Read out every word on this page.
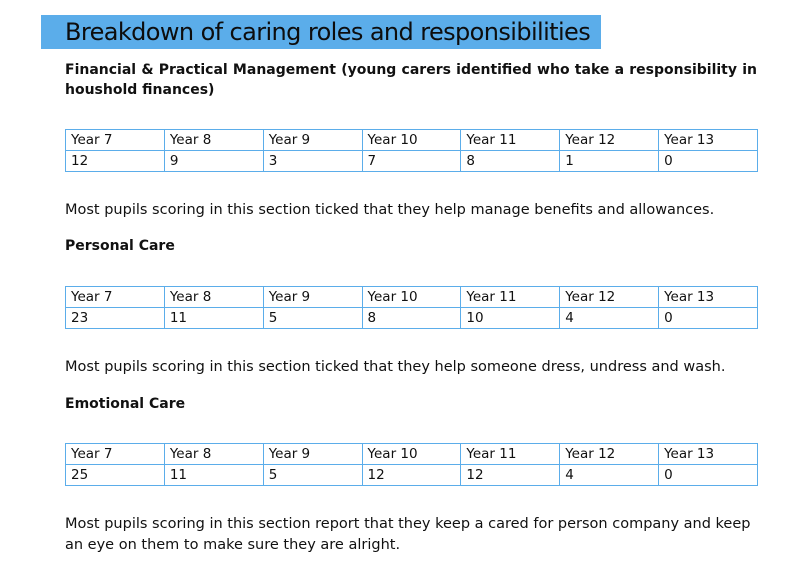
Breakdown of caring roles and responsibilities

Financial & Practical Management (young carers identified who take a responsibility in houshold finances)

Year 7	Year 8	Year 9	Year 10	Year 11	Year 12	Year 13
12	9	3	7	8	1	0

Most pupils scoring in this section ticked that they help manage benefits and allowances.

Personal Care

Year 7	Year 8	Year 9	Year 10	Year 11	Year 12	Year 13
23	11	5	8	10	4	0

Most pupils scoring in this section ticked that they help someone dress, undress and wash.

Emotional Care

Year 7	Year 8	Year 9	Year 10	Year 11	Year 12	Year 13
25	11	5	12	12	4	0

Most pupils scoring in this section report that they keep a cared for person company and keep an eye on them to make sure they are alright.
